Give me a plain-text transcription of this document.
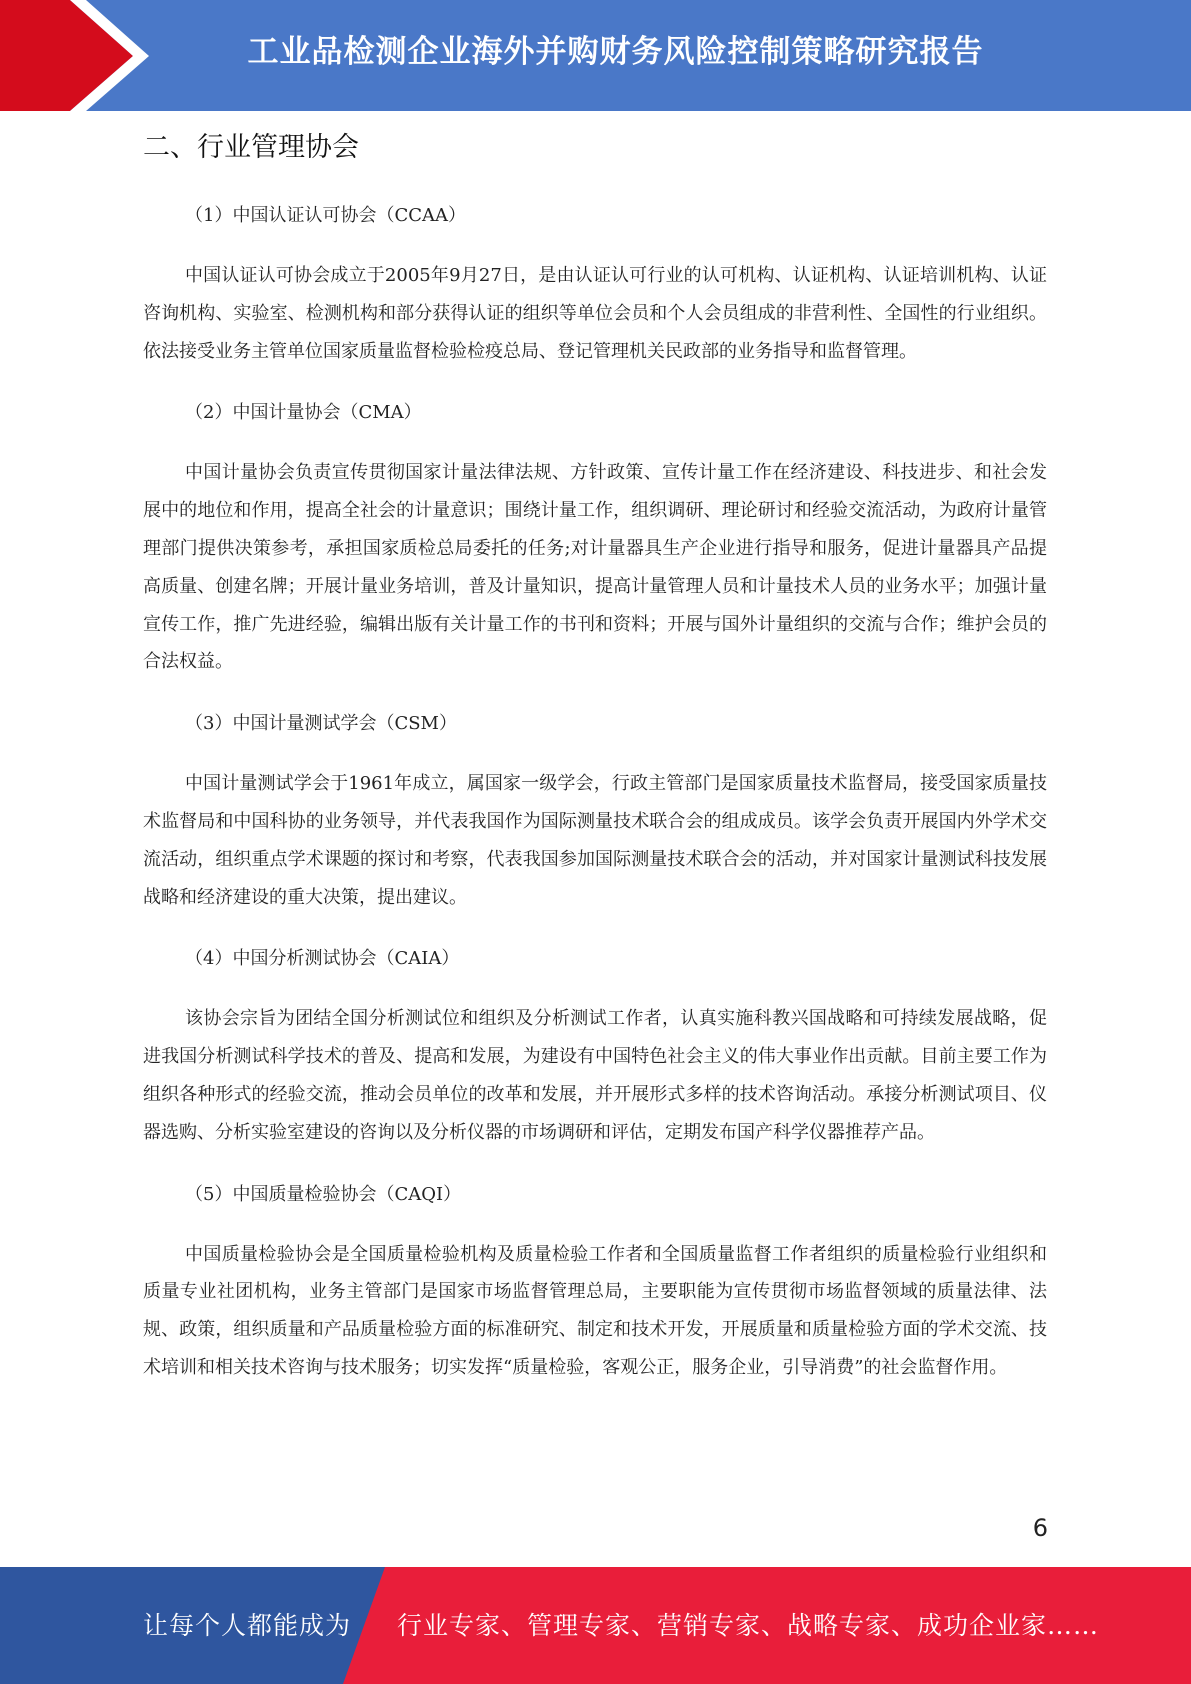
工业品检测企业海外并购财务风险控制策略研究报告
二、行业管理协会

（1）中国认证认可协会（CCAA）

中国认证认可协会成立于2005年9月27日，是由认证认可行业的认可机构、认证机构、认证培训机构、认证咨询机构、实验室、检测机构和部分获得认证的组织等单位会员和个人会员组成的非营利性、全国性的行业组织。依法接受业务主管单位国家质量监督检验检疫总局、登记管理机关民政部的业务指导和监督管理。

（2）中国计量协会（CMA）

中国计量协会负责宣传贯彻国家计量法律法规、方针政策、宣传计量工作在经济建设、科技进步、和社会发展中的地位和作用，提高全社会的计量意识；围绕计量工作，组织调研、理论研讨和经验交流活动，为政府计量管理部门提供决策参考，承担国家质检总局委托的任务;对计量器具生产企业进行指导和服务，促进计量器具产品提高质量、创建名牌；开展计量业务培训，普及计量知识，提高计量管理人员和计量技术人员的业务水平；加强计量宣传工作，推广先进经验，编辑出版有关计量工作的书刊和资料；开展与国外计量组织的交流与合作；维护会员的合法权益。

（3）中国计量测试学会（CSM）

中国计量测试学会于1961年成立，属国家一级学会，行政主管部门是国家质量技术监督局，接受国家质量技术监督局和中国科协的业务领导，并代表我国作为国际测量技术联合会的组成成员。该学会负责开展国内外学术交流活动，组织重点学术课题的探讨和考察，代表我国参加国际测量技术联合会的活动，并对国家计量测试科技发展战略和经济建设的重大决策，提出建议。

（4）中国分析测试协会（CAIA）

该协会宗旨为团结全国分析测试位和组织及分析测试工作者，认真实施科教兴国战略和可持续发展战略，促进我国分析测试科学技术的普及、提高和发展，为建设有中国特色社会主义的伟大事业作出贡献。目前主要工作为组织各种形式的经验交流，推动会员单位的改革和发展，并开展形式多样的技术咨询活动。承接分析测试项目、仪器选购、分析实验室建设的咨询以及分析仪器的市场调研和评估，定期发布国产科学仪器推荐产品。

（5）中国质量检验协会（CAQI）

中国质量检验协会是全国质量检验机构及质量检验工作者和全国质量监督工作者组织的质量检验行业组织和质量专业社团机构，业务主管部门是国家市场监督管理总局，主要职能为宣传贯彻市场监督领域的质量法律、法规、政策，组织质量和产品质量检验方面的标准研究、制定和技术开发，开展质量和质量检验方面的学术交流、技术培训和相关技术咨询与技术服务；切实发挥“质量检验，客观公正，服务企业，引导消费”的社会监督作用。

6
让每个人都能成为 行业专家、管理专家、营销专家、战略专家、成功企业家……
